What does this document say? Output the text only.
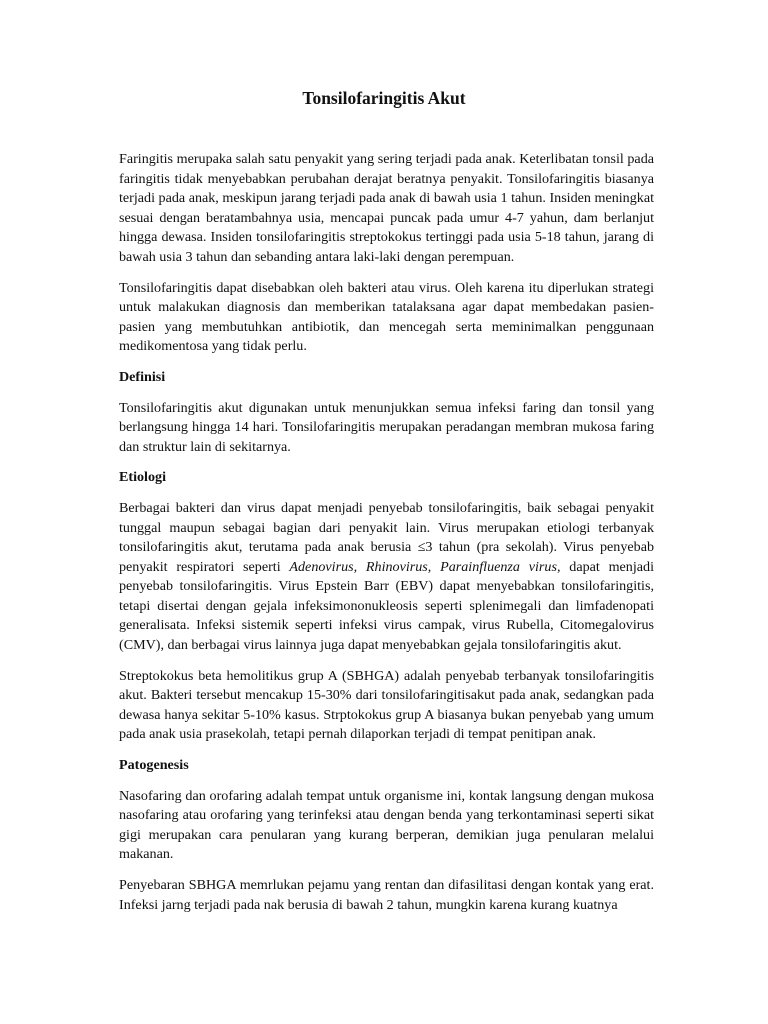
Tonsilofaringitis Akut

Faringitis merupaka salah satu penyakit yang sering terjadi pada anak. Keterlibatan tonsil pada faringitis tidak menyebabkan perubahan derajat beratnya penyakit. Tonsilofaringitis biasanya terjadi pada anak, meskipun jarang terjadi pada anak di bawah usia 1 tahun. Insiden meningkat sesuai dengan beratambahnya usia, mencapai puncak pada umur 4-7 yahun, dam berlanjut hingga dewasa. Insiden tonsilofaringitis streptokokus tertinggi pada usia 5-18 tahun, jarang di bawah usia 3 tahun dan sebanding antara laki-laki dengan perempuan.

Tonsilofaringitis dapat disebabkan oleh bakteri atau virus. Oleh karena itu diperlukan strategi untuk malakukan diagnosis dan memberikan tatalaksana agar dapat membedakan pasien-pasien yang membutuhkan antibiotik, dan mencegah serta meminimalkan penggunaan medikomentosa yang tidak perlu.

Definisi

Tonsilofaringitis akut digunakan untuk menunjukkan semua infeksi faring dan tonsil yang berlangsung hingga 14 hari. Tonsilofaringitis merupakan peradangan membran mukosa faring dan struktur lain di sekitarnya.

Etiologi

Berbagai bakteri dan virus dapat menjadi penyebab tonsilofaringitis, baik sebagai penyakit tunggal maupun sebagai bagian dari penyakit lain. Virus merupakan etiologi terbanyak tonsilofaringitis akut, terutama pada anak berusia ≤3 tahun (pra sekolah). Virus penyebab penyakit respiratori seperti Adenovirus, Rhinovirus, Parainfluenza virus, dapat menjadi penyebab tonsilofaringitis. Virus Epstein Barr (EBV) dapat menyebabkan tonsilofaringitis, tetapi disertai dengan gejala infeksimononukleosis seperti splenimegali dan limfadenopati generalisata. Infeksi sistemik seperti infeksi virus campak, virus Rubella, Citomegalovirus (CMV), dan berbagai virus lainnya juga dapat menyebabkan gejala tonsilofaringitis akut.

Streptokokus beta hemolitikus grup A (SBHGA) adalah penyebab terbanyak tonsilofaringitis akut. Bakteri tersebut mencakup 15-30% dari tonsilofaringitisakut pada anak, sedangkan pada dewasa hanya sekitar 5-10% kasus. Strptokokus grup A biasanya bukan penyebab yang umum pada anak usia prasekolah, tetapi pernah dilaporkan terjadi di tempat penitipan anak.

Patogenesis

Nasofaring dan orofaring adalah tempat untuk organisme ini, kontak langsung dengan mukosa nasofaring atau orofaring yang terinfeksi atau dengan benda yang terkontaminasi seperti sikat gigi merupakan cara penularan yang kurang berperan, demikian juga penularan melalui makanan.

Penyebaran SBHGA memrlukan pejamu yang rentan dan difasilitasi dengan kontak yang erat. Infeksi jarng terjadi pada nak berusia di bawah 2 tahun, mungkin karena kurang kuatnya
